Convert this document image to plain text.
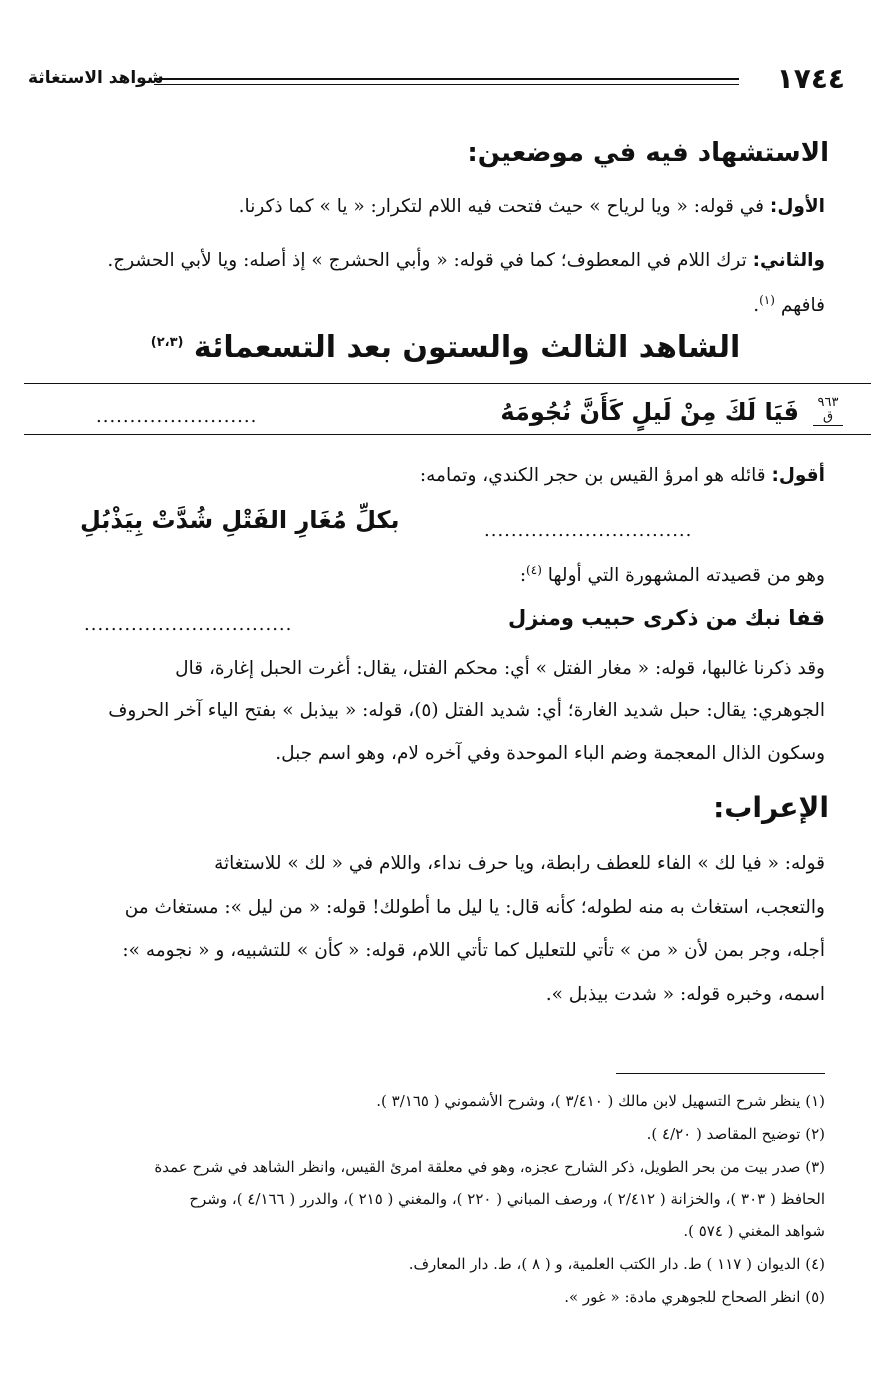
١٧٤٤
شواهد الاستغاثة
الاستشهاد فيه في موضعين:
الأول: في قوله: « ويا لرياح » حيث فتحت فيه اللام لتكرار: « يا » كما ذكرنا.
والثاني: ترك اللام في المعطوف؛ كما في قوله: « وأبي الحشرج » إذ أصله: ويا لأبي الحشرج.
فافهم $^{(١)}$.
الشاهد الثالث والستون بعد التسعمائة $^{(٢،٣)}$
٩٦٣
ق
فَيَا لَكَ مِنْ لَيلٍ كَأَنَّ نُجُومَهُ
........................
أقول: قائله هو امرؤ القيس بن حجر الكندي، وتمامه:
بكلِّ مُغَارِ الفَتْلِ شُدَّتْ بِيَذْبُلِ	...............................
وهو من قصيدته المشهورة التي أولها $^{(٤)}$:
قفا نبك من ذكرى حبيب ومنزل
...............................
وقد ذكرنا غالبها، قوله: « مغار الفتل » أي: محكم الفتل، يقال: أغرت الحبل إغارة، قال
الجوهري: يقال: حبل شديد الغارة؛ أي: شديد الفتل (٥)، قوله: « بيذبل » بفتح الياء آخر الحروف
وسكون الذال المعجمة وضم الباء الموحدة وفي آخره لام، وهو اسم جبل.
الإعراب:
قوله: « فيا لك » الفاء للعطف رابطة، ويا حرف نداء، واللام في « لك » للاستغاثة
والتعجب، استغاث به منه لطوله؛ كأنه قال: يا ليل ما أطولك! قوله: « من ليل »: مستغاث من
أجله، وجر بمن لأن « من » تأتي للتعليل كما تأتي اللام، قوله: « كأن » للتشبيه، و « نجومه »:
اسمه، وخبره قوله: « شدت بيذبل ».
(١) ينظر شرح التسهيل لابن مالك ( ٣/٤١٠ )، وشرح الأشموني ( ٣/١٦٥ ).
(٢) توضيح المقاصد ( ٤/٢٠ ).
(٣) صدر بيت من بحر الطويل، ذكر الشارح عجزه، وهو في معلقة امرئ القيس، وانظر الشاهد في شرح عمدة
الحافظ ( ٣٠٣ )، والخزانة ( ٢/٤١٢ )، ورصف المباني ( ٢٢٠ )، والمغني ( ٢١٥ )، والدرر ( ٤/١٦٦ )، وشرح
شواهد المغني ( ٥٧٤ ).
(٤) الديوان ( ١١٧ ) ط. دار الكتب العلمية، و ( ٨ )، ط. دار المعارف.
(٥) انظر الصحاح للجوهري مادة: « غور ».
